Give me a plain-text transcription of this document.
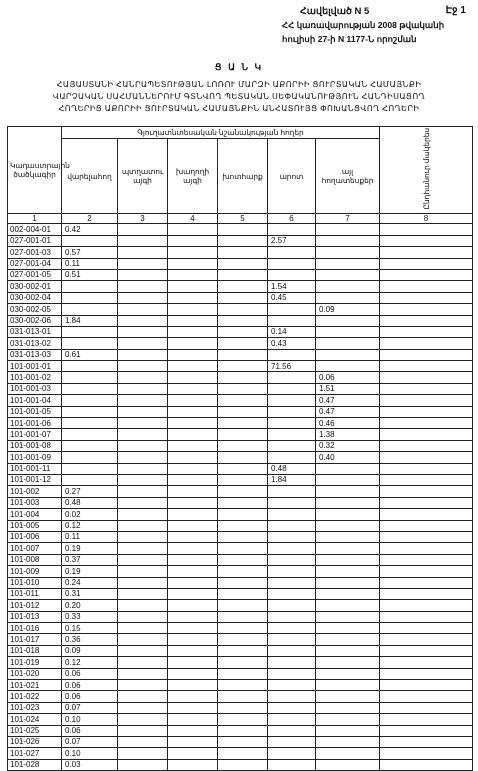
Էջ 1
Հավելված N 5
ՀՀ կառավարության 2008 թվականի
հուլիսի 27-ի N 1177-Ն որոշման
Ց Ա Ն Կ
ՀԱՅԱՍՏԱՆԻ ՀԱՆՐԱՊԵՏՈՒԹՅԱՆ ԼՈՌՈՒ ՄԱՐԶԻ ԱՔՈՐԻԻ ՑՈՒՐՏԱԿԱՆ ՀԱՄԱՅՆՔԻ
ՎԱՐՉԱԿԱՆ ՍԱՀՄԱՆՆԵՐՈՒՄ ԳՏՆՎՈՂ ՊԵՏԱԿԱՆ ՍԵՓԱԿԱՆՈՒԹՅՈՒՆ ՀԱՆԴԻՍԱՑՈՂ
ՀՈՂԵՐԻՑ ԱՔՈՐԻԻ ՑՈՒՐՏԱԿԱՆ ՀԱՄԱՅՆՔԻՆ ԱՆՀԱՏՈՒՅՑ ՓՈԽԱՆՑՎՈՂ ՀՈՂԵՐԻ
Կադաստրային ծածկագիր	Գյուղատնտեսական նշանակության հողեր						Ընդհանուր մակերես
	վարելահող	պտղատու այգի	խաղողի այգի	խոտհարք	արոտ	այլ հողատեսքեր	
1	2	3	4	5	6	7	8
002-004-01	0.42						
027-001-01					2.57		
027-001-03	0.57						
027-001-04	0.11						
027-001-05	0.51						
030-002-01					1.54		
030-002-04					0.45		
030-002-05						0.09	
030-002-06	1.84						
031-013-01					0.14		
031-013-02					0.43		
031-013-03	0.61						
101-001-01					71.56		
101-001-02						0.06	
101-001-03						1.51	
101-001-04						0.47	
101-001-05						0.47	
101-001-06						0.46	
101-001-07						1.38	
101-001-08						0.32	
101-001-09						0.40	
101-001-11					0.48		
101-001-12					1.84		
101-002	0.27						
101-003	0.48						
101-004	0.02						
101-005	0.12						
101-006	0.11						
101-007	0.19						
101-008	0.37						
101-009	0.19						
101-010	0.24						
101-011	0.31						
101-012	0.20						
101-013	0.33						
101-016	0.15						
101-017	0.36						
101-018	0.09						
101-019	0.12						
101-020	0.06						
101-021	0.06						
101-022	0.06						
101-023	0.07						
101-024	0.10						
101-025	0.06						
101-026	0.07						
101-027	0.10						
101-028	0.03						
